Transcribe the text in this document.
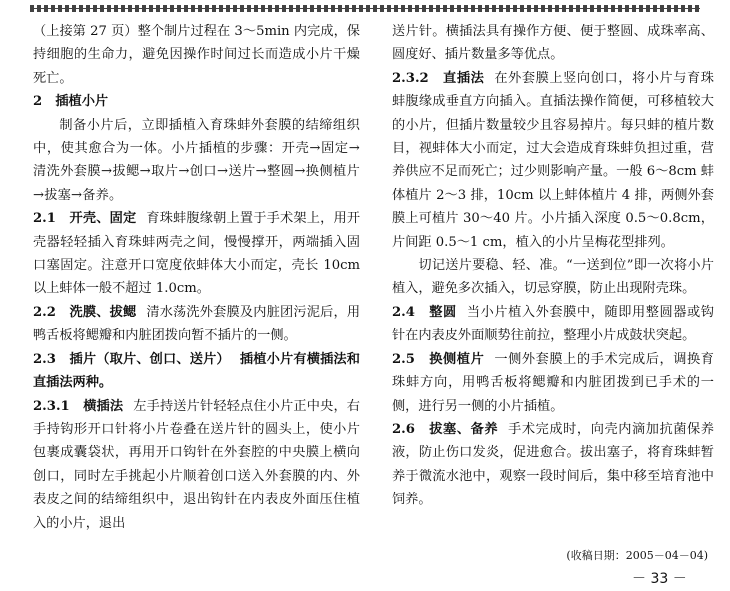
（上接第 27 页）整个制片过程在 3～5min 内完成，保持细胞的生命力，避免因操作时间过长而造成小片干燥死亡。

2　插植小片

制备小片后，立即插植入育珠蚌外套膜的结缔组织中，使其愈合为一体。小片插植的步骤：开壳→固定→清洗外套膜→拔鳃→取片→创口→送片→整圆→换侧植片→拔塞→备养。

2.1　开壳、固定 育珠蚌腹缘朝上置于手术架上，用开壳器轻轻插入育珠蚌两壳之间，慢慢撑开，两端插入固口塞固定。注意开口宽度依蚌体大小而定，壳长 10cm 以上蚌体一般不超过 1.0cm。

2.2　洗膜、拔鳃 清水荡洗外套膜及内脏团污泥后，用鸭舌板将鳃瓣和内脏团拨向暂不插片的一侧。

2.3　插片（取片、创口、送片） 插植小片有横插法和直插法两种。

2.3.1　横插法 左手持送片针轻轻点住小片正中央，右手持钩形开口针将小片卷叠在送片针的圆头上，使小片包裹成囊袋状，再用开口钩针在外套腔的中央膜上横向创口，同时左手挑起小片顺着创口送入外套膜的内、外表皮之间的结缔组织中，退出钩针在内表皮外面压住植入的小片，退出

送片针。横插法具有操作方便、便于整圆、成珠率高、圆度好、插片数量多等优点。

2.3.2　直插法 在外套膜上竖向创口，将小片与育珠蚌腹缘成垂直方向插入。直插法操作简便，可移植较大的小片，但插片数量较少且容易掉片。每只蚌的植片数目，视蚌体大小而定，过大会造成育珠蚌负担过重，营养供应不足而死亡；过少则影响产量。一般 6～8cm 蚌体植片 2～3 排，10cm 以上蚌体植片 4 排，两侧外套膜上可植片 30～40 片。小片插入深度 0.5～0.8cm，片间距 0.5～1 cm，植入的小片呈梅花型排列。

切记送片要稳、轻、准。“一送到位”即一次将小片植入，避免多次插入，切忌穿膜，防止出现附壳珠。

2.4　整圆 当小片植入外套膜中，随即用整圆器或钩针在内表皮外面顺势往前拉，整理小片成鼓状突起。

2.5　换侧植片 一侧外套膜上的手术完成后，调换育珠蚌方向，用鸭舌板将鳃瓣和内脏团拨到已手术的一侧，进行另一侧的小片插植。

2.6　拔塞、备养 手术完成时，向壳内滴加抗菌保养液，防止伤口发炎，促进愈合。拔出塞子，将育珠蚌暂养于微流水池中，观察一段时间后，集中移至培育池中饲养。

(收稿日期：2005－04－04)
－ 33 －
